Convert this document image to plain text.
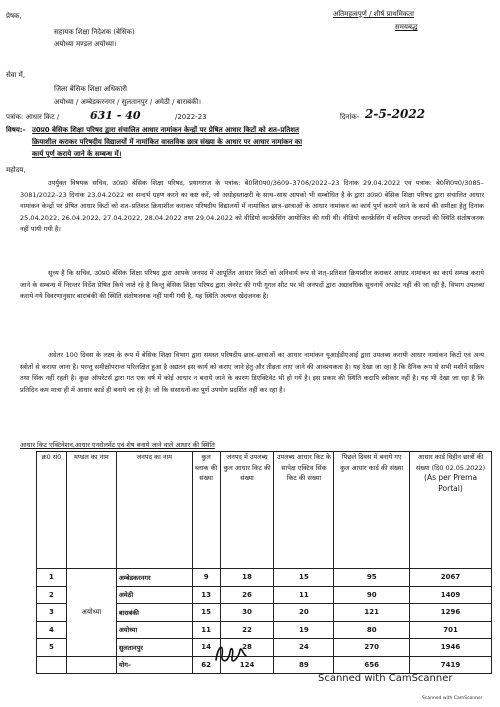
प्रेषक,	अतिमहत्वपूर्ण / शीर्ष प्राथमिकता
समयबद्ध
सहायक शिक्षा निदेशक (बेसिक)
अयोध्या मण्डल अयोध्या।
सेवा में,
जिला बेसिक शिक्षा अधिकारी
अयोध्या / अम्बेडकरनगर / सुलतानपुर / अमेठी / बाराबंकी।
पत्रांक: आधार किट /	631 - 40	/2022-23	दिनांक- 2-5-2022
विषय:- उ0प्र0 बेसिक शिक्षा परिषद द्वारा संचालित आधार नामांकन केन्द्रों पर प्रेषित आधार किटों को शत–प्रतिशत
क्रियाशील कराकर परिषदीय विद्यालयों में नामांकित वास्तविक छात्र संख्या के आधार पर आधार नामांकन का
कार्य पूर्ण कराये जाने के सम्बन्ध में।
महोदय,
उपर्युक्त विषयक सचिव, उ0प्र0 बेसिक शिक्षा परिषद, प्रयागराज के पत्रांक: बे0शि0प0/3609–3706/2022–23 दिनांक 29.04.2022 एवं पत्रांक: बे0शि0प0/3085–3081/2022–23 दिनांक 23.04.2022 का सन्दर्भ ग्रहण करने का कष्ट करें, जो अधोहस्ताक्षरी के साथ–साथ आपको भी सम्बोधित है के द्वारा उ0प्र0 बेसिक शिक्षा परिषद द्वारा संचालित आधार नामांकन केन्द्रों पर प्रेषित आधार किटों को शत–प्रतिशत क्रियाशील कराकर परिषदीय विद्यालयों में नामांकित छात्र–छात्राओं के आधार नामांकन का कार्य पूर्ण कराये जाने के कार्य की समीक्षा हेतु दिनांक 25.04.2022, 26.04.2022, 27.04.2022, 28.04.2022 तथा 29.04.2022 को वीडियो कान्फ्रेंसिंग आयोजित की गयी थी। वीडियो कान्फ्रेंसिंग में कतिपय जनपदों की स्थिति संतोषजनक नहीं पायी गयी है।
सूच्य है कि सचिव, उ0प्र0 बेसिक शिक्षा परिषद द्वारा आपके जनपद में आपूर्तित आधार किटों को अनिवार्य रूप से शत्–प्रतिशत क्रियाशील कराकर आधार नामांकन का कार्य सम्पन्न कराये जाने के सम्बन्ध में निरन्तर निर्देश प्रेषित किये जाते रहे है किन्तु बेसिक शिक्षा परिषद द्वारा जेनरेट की गयी गूगल सीट पर भी जनपदों द्वारा अद्यावधिक सूचनायें अपडेट नहीं की जा रही है, विभाग उपलब्ध कराये गये विवरणानुसार बाराबंकी की स्थिति संतोषजनक नहीं पायी गयी है, यह स्थिति अत्यन्त खेदजनक है।
अग्रेतर 100 दिवस के लक्ष्य के रूप में बेसिक शिक्षा विभाग द्वारा समस्त परिषदीय छात्र–छात्राओं का आधार नामांकन यूआईडीएआई द्वारा उपलब्ध करायी आधार नामांकन किटों एवं अन्य स्त्रोतों से कराया जाना है। परन्तु समीक्षोपरान्त परिलक्षित हुआ है अद्यतन इस कार्य को कराए जाने हेतु और तीव्रता लाए जाने की आवश्यकता है। यह देखा जा रहा है कि दैनिक रूप से सभी मशीनें सक्रिय तथा सिंक नहीं रहती है। कुछ ऑपरेटर्स द्वारा गत एक वर्ष में कोई आधार न बनाये जाने के कारण डिएक्टिवेट भी हो गयें है। इस प्रकार की स्थिति कदापि स्वीकार नहीं है। यह भी देखा जा रहा है कि प्रतिदिन कम मात्रा ही में आधार कार्ड ही बनाये जा रहे है। जो कि संसाधनों का पूर्ण उपयोग प्रदर्शित नहीं कर रहा है।
आधार किट एक्टिवेशन,आधार एनरोलमेंट एवं शेष बनाये जाने वाले आधार की स्थिति
क्र0 सं0	मण्डल का नाम	जनपद का नाम	कुल ब्लाक की संख्या	जनपद में उपलब्ध कुल आधार किट की संख्या	उपलब्ध आधार किट के सापेक्ष एक्टिव सिंक किट की संख्या	पिछले दिवस में बनाये गए कुल आधार कार्ड की संख्या	आधार कार्ड विहीन छात्रों की संख्या (दि0 02.05.2022)
(As per Prema Portal)
1	अयोध्या	अम्बेडकरनगर	9	18	15	95	2067
2		अमेठी	13	26	11	90	1409
3		बाराबंकी	15	30	20	121	1296
4		अयोध्या	11	22	19	80	701
5		सुलतानपुर	14	28	24	270	1946
		योग–	62	124	89	656	7419
Scanned with CamScanner
Scanned with CamScanner
